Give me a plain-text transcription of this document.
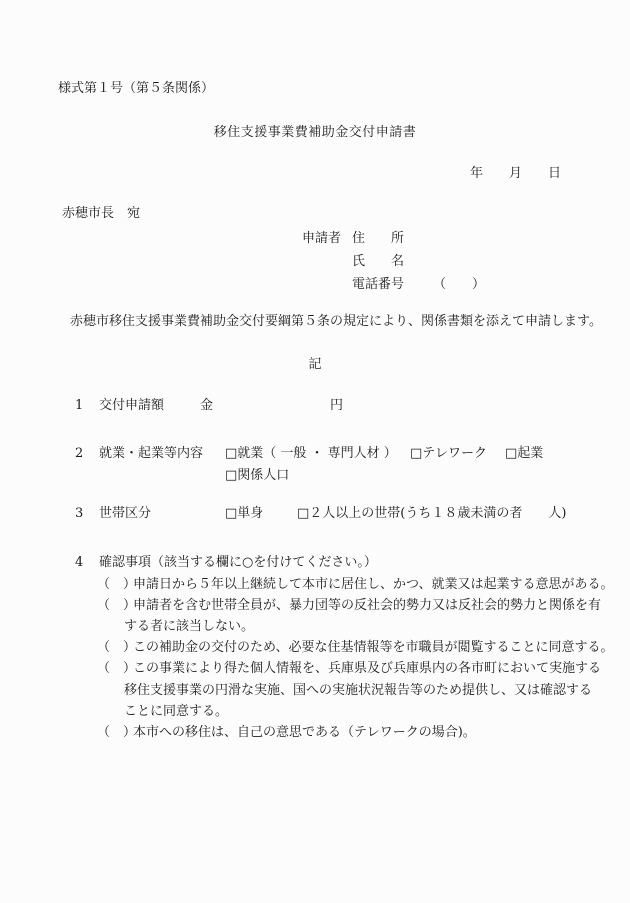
様式第１号（第５条関係）
移住支援事業費補助金交付申請書
年　　月　　日
赤穂市長　宛
申請者 住　　所
氏　　名
電話番号 （　　）
赤穂市移住支援事業費補助金交付要綱第５条の規定により、関係書類を添えて申請します。
記
1 交付申請額	金	円
2 就業・起業等内容 □就業（ 一般 ・ 専門人材 ） □テレワーク □起業
□関係人口
3 世帯区分	□単身	□２人以上の世帯(うち１８歳未満の者　　人)
4 確認事項（該当する欄に○を付けてください。）
（　）
申請日から５年以上継続して本市に居住し、かつ、就業又は起業する意思がある。
（　）
申請者を含む世帯全員が、暴力団等の反社会的勢力又は反社会的勢力と関係を有
する者に該当しない。
（　）
この補助金の交付のため、必要な住基情報等を市職員が閲覧することに同意する。
（　）
この事業により得た個人情報を、兵庫県及び兵庫県内の各市町において実施する
移住支援事業の円滑な実施、国への実施状況報告等のため提供し、又は確認する
ことに同意する。
（　）
本市への移住は、自己の意思である（テレワークの場合)。
